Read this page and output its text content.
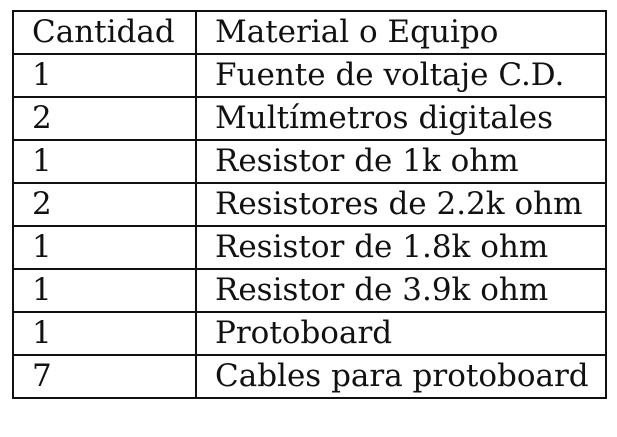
Cantidad	Material o Equipo
1	Fuente de voltaje C.D.
2	Multímetros digitales
1	Resistor de 1k ohm
2	Resistores de 2.2k ohm
1	Resistor de 1.8k ohm
1	Resistor de 3.9k ohm
1	Protoboard
7	Cables para protoboard
